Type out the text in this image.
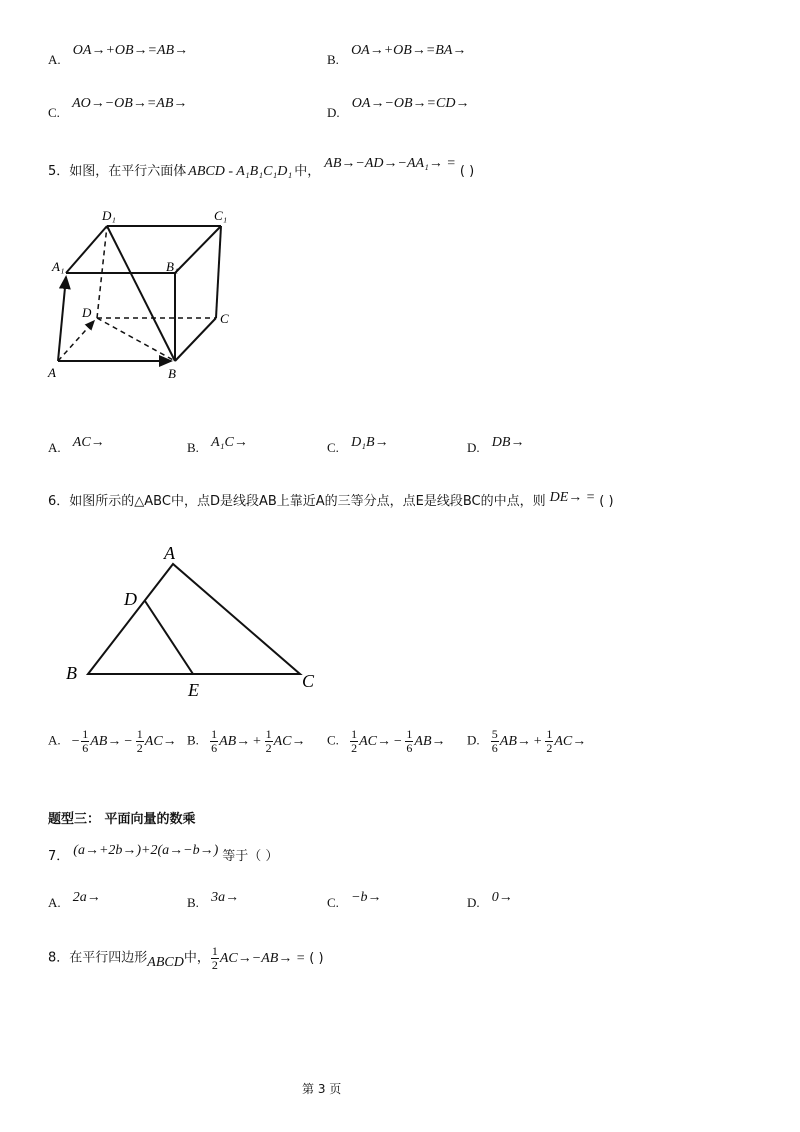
A. OA→+OB→=AB→
B. OA→+OB→=BA→
C. AO→−OB→=AB→
D. OA→−OB→=CD→
5．如图，在平行六面体 ABCD - A₁B₁C₁D₁ 中，AB→−AD→−AA₁→ =( )
D₁	C₁
A₁	B₁
D	C
A	B
A. AC→	B. A₁C→	C. D₁B→	D. DB→
6．如图所示的△ABC中，点D是线段AB上靠近A的三等分点，点E是线段BC的中点，则 DE→ = ( )
A
D
B
E	C
A. − $\frac{1}{6} AB\to - \frac{1}{2} AC\to B$. $\frac{1}{6} AB\to + \frac{1}{2} AC\to C$. $\frac{1}{2} AC\to - \frac{1}{6} AB\to D$. $\frac{5}{6} AB\to + \frac{1}{2} AC\to$
题型三： 平面向量的数乘
7． (a→+2b→)+2(a→−b→) 等于（ ）
A. 2a→	B. 3a→	C. −b→	D. 0→
8．在平行四边形ABCD中， $\frac{1}{2} AC\to-AB\to$ = ( )
第 3 页
